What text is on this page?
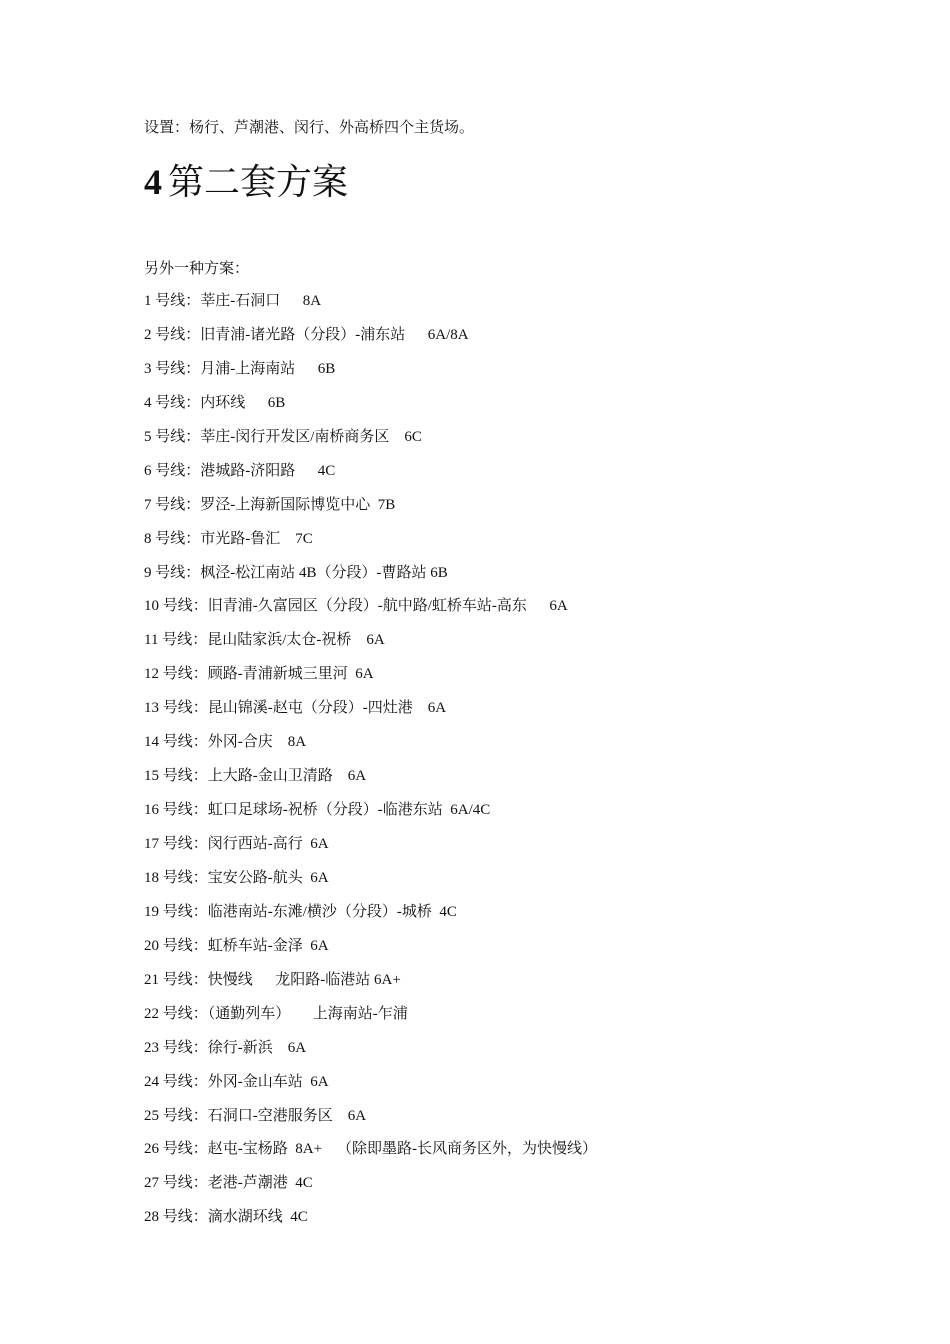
设置：杨行、芦潮港、闵行、外高桥四个主货场。
4 第二套方案
另外一种方案：
1 号线：莘庄-石洞口      8A
2 号线：旧青浦-诸光路（分段）-浦东站      6A/8A
3 号线：月浦-上海南站      6B
4 号线：内环线      6B
5 号线：莘庄-闵行开发区/南桥商务区    6C
6 号线：港城路-济阳路      4C
7 号线：罗泾-上海新国际博览中心  7B
8 号线：市光路-鲁汇    7C
9 号线：枫泾-松江南站 4B（分段）-曹路站 6B
10 号线：旧青浦-久富园区（分段）-航中路/虹桥车站-高东      6A
11 号线：昆山陆家浜/太仓-祝桥    6A
12 号线：顾路-青浦新城三里河  6A
13 号线：昆山锦溪-赵屯（分段）-四灶港    6A
14 号线：外冈-合庆    8A
15 号线：上大路-金山卫清路    6A
16 号线：虹口足球场-祝桥（分段）-临港东站  6A/4C
17 号线：闵行西站-高行  6A
18 号线：宝安公路-航头  6A
19 号线：临港南站-东滩/横沙（分段）-城桥  4C
20 号线：虹桥车站-金泽  6A
21 号线：快慢线      龙阳路-临港站 6A+
22 号线：（通勤列车）      上海南站-乍浦
23 号线：徐行-新浜    6A
24 号线：外冈-金山车站  6A
25 号线：石洞口-空港服务区    6A
26 号线：赵屯-宝杨路  8A+    （除即墨路-长风商务区外，为快慢线）
27 号线：老港-芦潮港  4C
28 号线：滴水湖环线  4C
